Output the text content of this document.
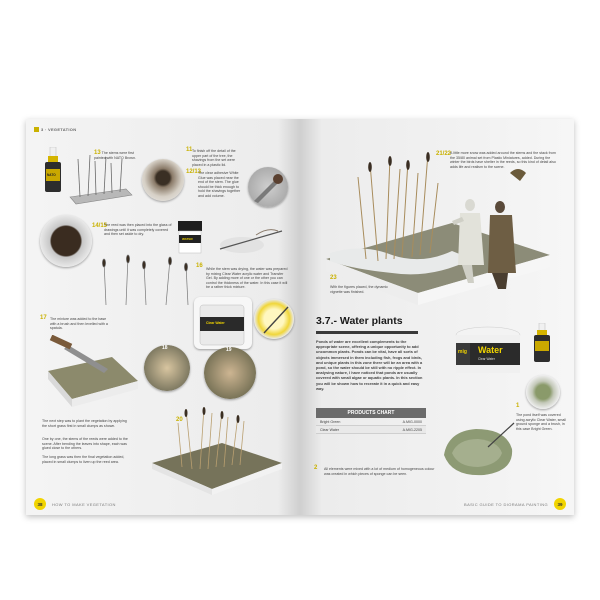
3 · VEGETATION
NATO
13 The stems were first painted with NATO Brown.
To finish off the detail of the upper part of the tree, the shavings from the set were placed in a plastic lid.
11
12/13
The clear adhesive White Glue was placed near the end of the stem. The glue should be thick enough to hold the shavings together and add volume.
14/15
The reed was then placed into the glass of drawings until it was completely covered and then set aside to dry.
WATER
16 While the stem was drying, the water was prepared by mixing Clear Water acrylic water and Transfer Gel. By adding more of one or the other you can control the thickness of the water. In this case it will be a rather thick mixture.
Clear Water
17 The mixture was added to the base with a brush and then levelled with a spatula.
18	19
The next step was to plant the vegetation by applying the short grass first in small clumps as shown.
One by one, the stems of the reeds were added to the scene. After bending the leaves into shape, each was glued close to the others.
The long grass was then the final vegetation added, placed in small clumps to liven up the reed area.
20
38	HOW TO MAKE VEGETATION
21/22
A little more snow was added around the stems and the stack from the 35/80 animal set from Plastic Miniatures, added. During the winter the birds have shelter in the reeds, so this kind of detail also adds life and realism to the scene.
23
With the figures placed, the dynamic vignette was finished.
3.7.- Water plants
Ponds of water are excellent complements to the appropriate scene, offering a unique opportunity to add uncommon plants. Ponds can be vital, have all sorts of objects immersed in them including fish, frogs and birds, and unique plants in this zone there will be an area with a pond, so the water should be still with no ripple effect. In analysing nature, I have noticed that ponds are usually covered with small algae or aquatic plants. In this section you will be shown how to recreate it in a quick and easy way.
PRODUCTS CHART
Bright Green	A.MIG-0000
Clear Water	A.MIG-2205
mig Water
Clear Water
1
The pond itself was covered using acrylic Clear Water, small ground sponge and a brush, in this case Bright Green.
2 All elements were mixed with a lot of medium of homogeneous colour was created in which pieces of sponge can be seen.
BASIC GUIDE TO DIORAMA PAINTING	39
